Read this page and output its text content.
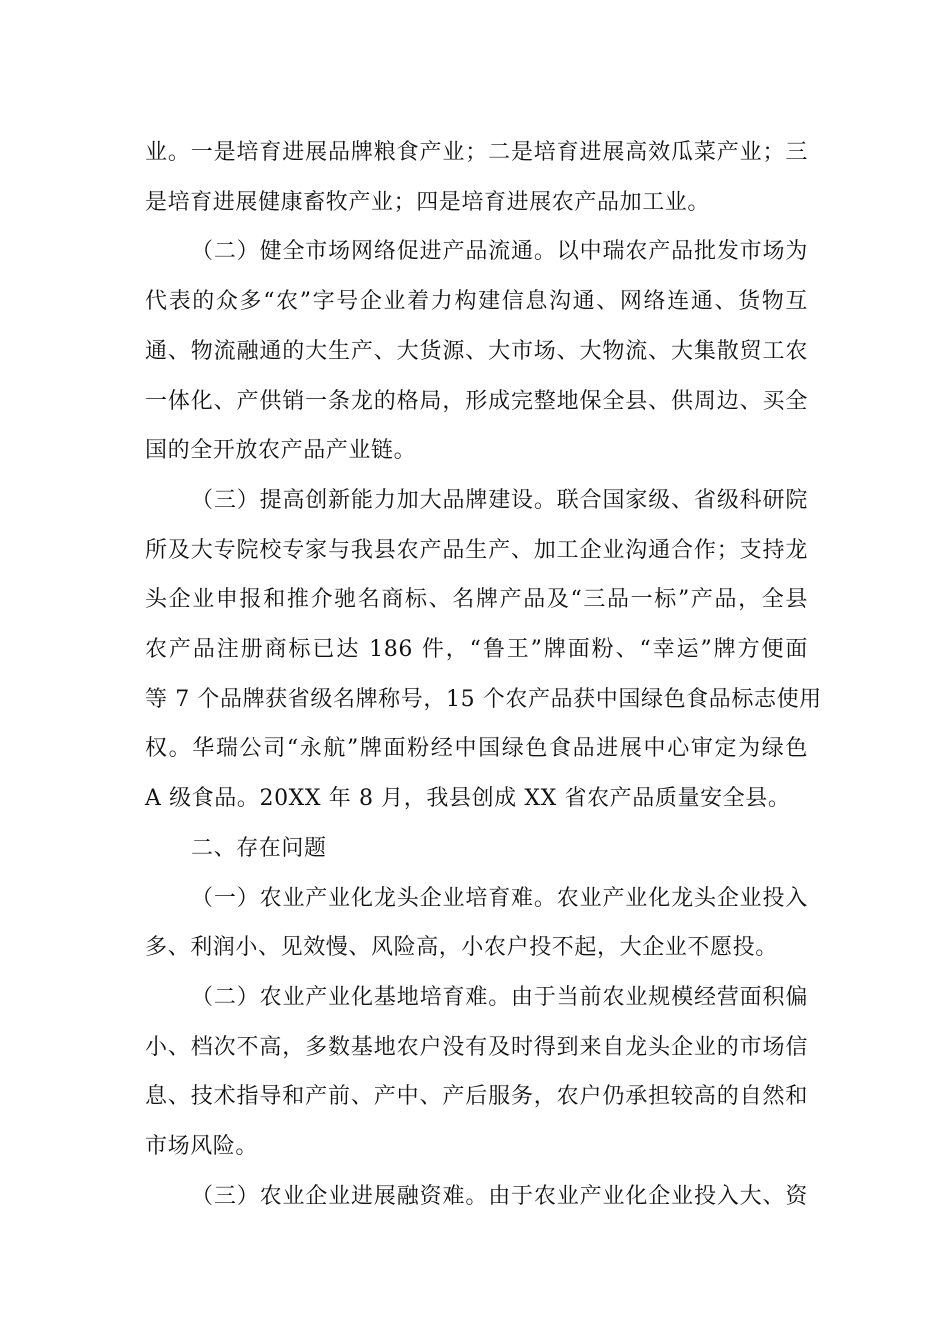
业。一是培育进展品牌粮食产业；二是培育进展高效瓜菜产业；三
是培育进展健康畜牧产业；四是培育进展农产品加工业。
（二）健全市场网络促进产品流通。以中瑞农产品批发市场为
代表的众多“农”字号企业着力构建信息沟通、网络连通、货物互
通、物流融通的大生产、大货源、大市场、大物流、大集散贸工农
一体化、产供销一条龙的格局，形成完整地保全县、供周边、买全
国的全开放农产品产业链。
（三）提高创新能力加大品牌建设。联合国家级、省级科研院
所及大专院校专家与我县农产品生产、加工企业沟通合作；支持龙
头企业申报和推介驰名商标、名牌产品及“三品一标”产品，全县
农产品注册商标已达 186 件，“鲁王”牌面粉、“幸运”牌方便面
等 7 个品牌获省级名牌称号，15 个农产品获中国绿色食品标志使用
权。华瑞公司“永航”牌面粉经中国绿色食品进展中心审定为绿色
A 级食品。20XX 年 8 月，我县创成 XX 省农产品质量安全县。
二、存在问题
（一）农业产业化龙头企业培育难。农业产业化龙头企业投入
多、利润小、见效慢、风险高，小农户投不起，大企业不愿投。
（二）农业产业化基地培育难。由于当前农业规模经营面积偏
小、档次不高，多数基地农户没有及时得到来自龙头企业的市场信
息、技术指导和产前、产中、产后服务，农户仍承担较高的自然和
市场风险。
（三）农业企业进展融资难。由于农业产业化企业投入大、资
